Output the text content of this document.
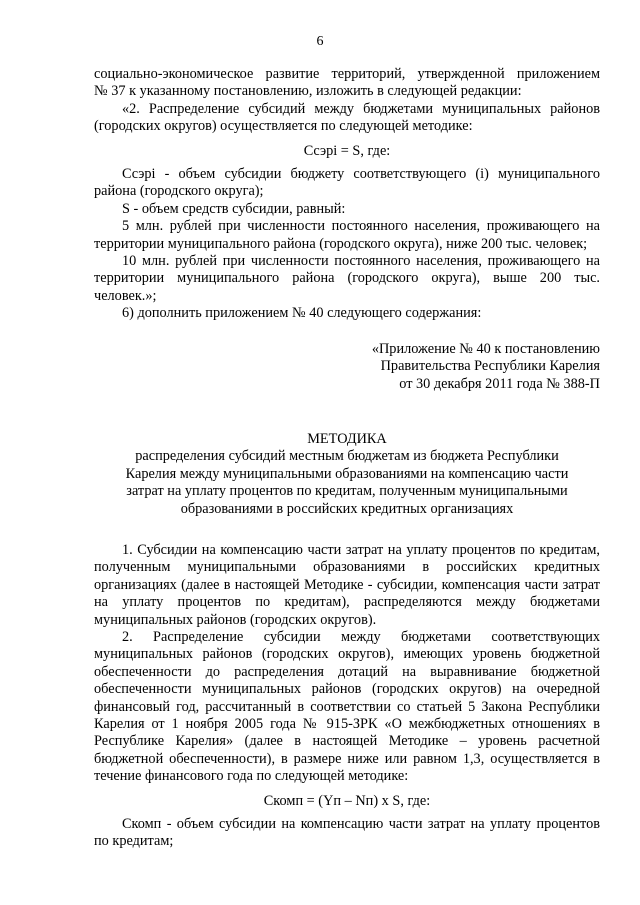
6

социально-экономическое развитие территорий, утвержденной приложением

№ 37 к указанному постановлению, изложить в следующей редакции:

«2. Распределение субсидий между бюджетами муниципальных районов (городских округов) осуществляется по следующей методике:

Ссэрі = S, где:

Ссэрі - объем субсидии бюджету соответствующего (і) муниципального района (городского округа);

S - объем средств субсидии, равный:

5 млн. рублей при численности постоянного населения, проживающего на территории муниципального района (городского округа), ниже 200 тыс. человек;

10 млн. рублей при численности постоянного населения, проживающего на территории муниципального района (городского округа), выше 200 тыс. человек.»;

6) дополнить приложением № 40 следующего содержания:

«Приложение № 40 к постановлению
Правительства Республики Карелия
от 30 декабря 2011 года № 388-П
МЕТОДИКА

распределения субсидий местным бюджетам из бюджета Республики Карелия между муниципальными образованиями на компенсацию части затрат на уплату процентов по кредитам, полученным муниципальными образованиями в российских кредитных организациях

1. Субсидии на компенсацию части затрат на уплату процентов по кредитам, полученным муниципальными образованиями в российских кредитных организациях (далее в настоящей Методике - субсидии, компенсация части затрат на уплату процентов по кредитам), распределяются между бюджетами муниципальных районов (городских округов).

2. Распределение субсидии между бюджетами соответствующих муниципальных районов (городских округов), имеющих уровень бюджетной обеспеченности до распределения дотаций на выравнивание бюджетной обеспеченности муниципальных районов (городских округов) на очередной финансовый год, рассчитанный в соответствии со статьей 5 Закона Республики Карелия от 1 ноября 2005 года № 915-ЗРК «О межбюджетных отношениях в Республике Карелия» (далее в настоящей Методике – уровень расчетной бюджетной обеспеченности), в размере ниже или равном 1,3, осуществляется в течение финансового года по следующей методике:

Скомп = (Yп – Nп) x S, где:

Скомп - объем субсидии на компенсацию части затрат на уплату процентов по кредитам;
